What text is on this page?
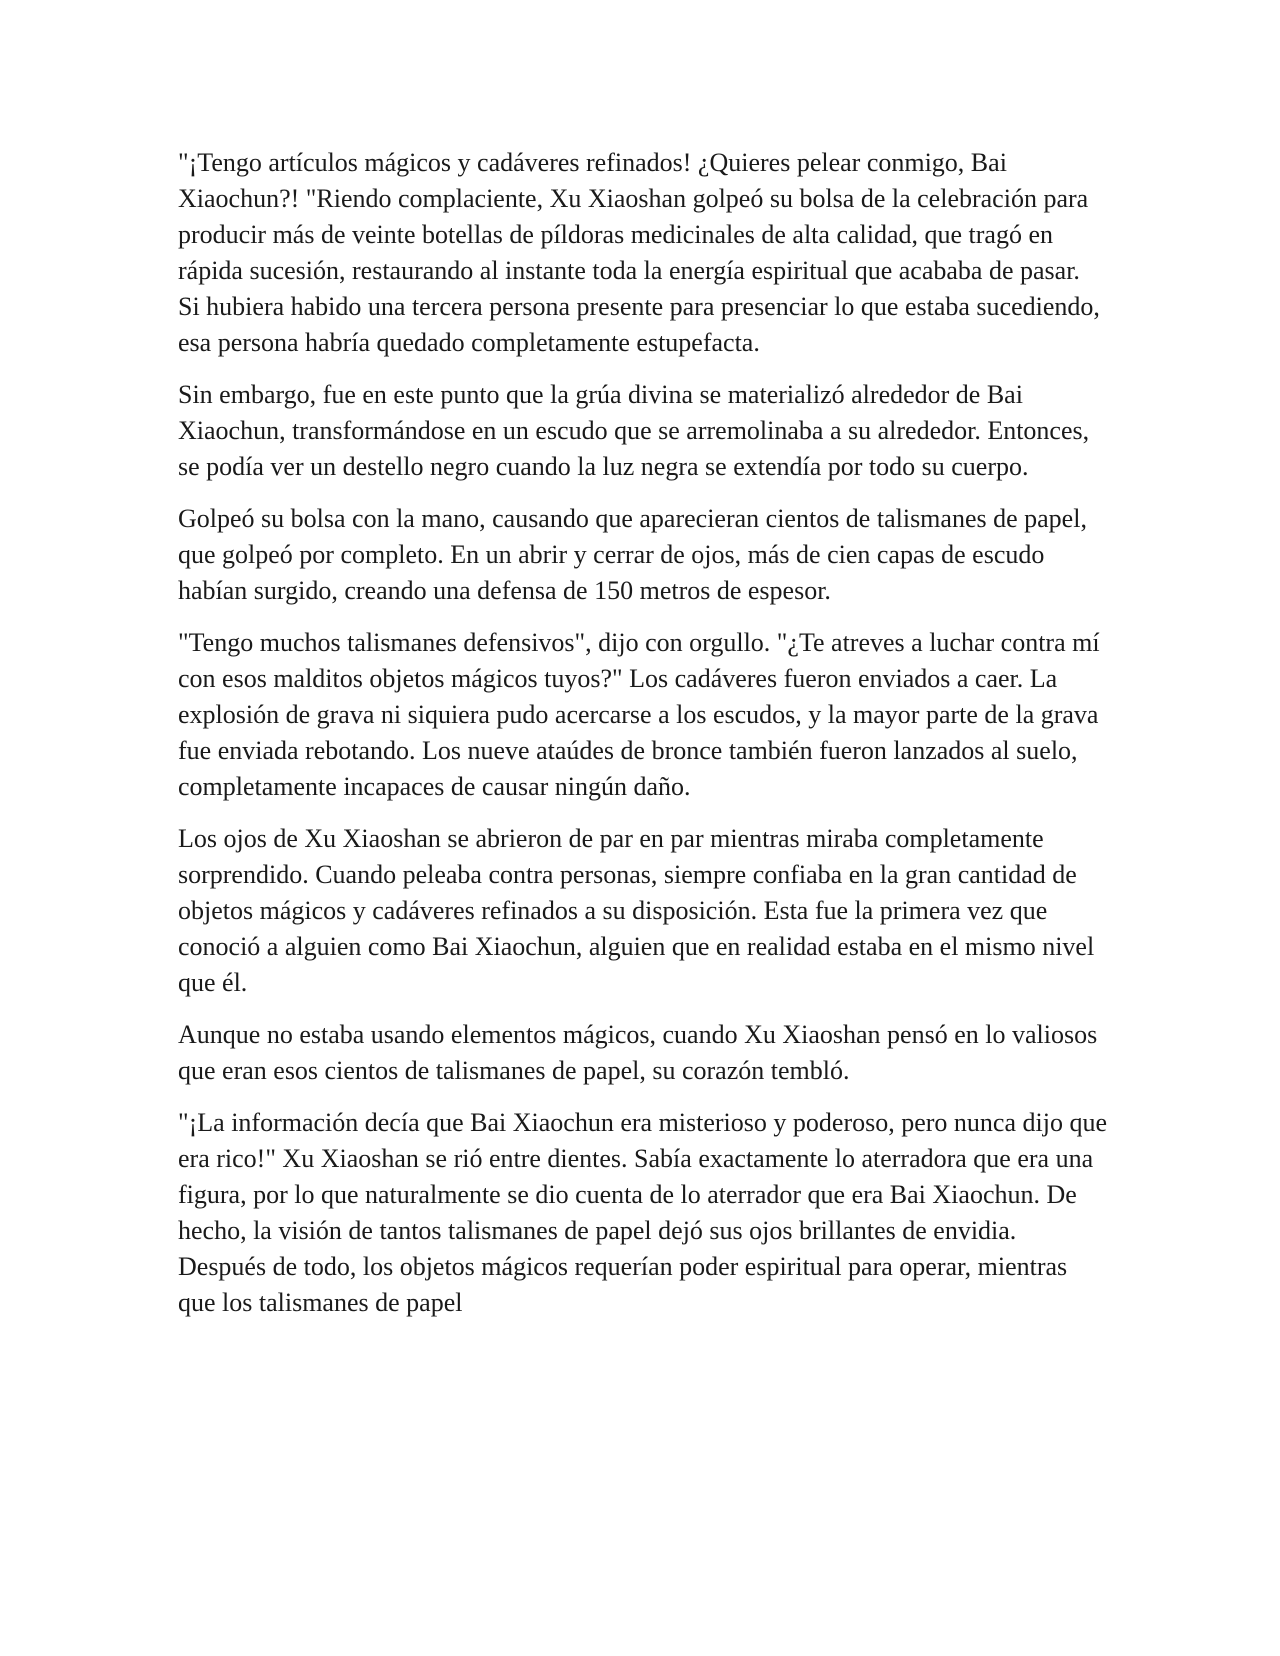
"¡Tengo artículos mágicos y cadáveres refinados! ¿Quieres pelear conmigo, Bai Xiaochun?! "Riendo complaciente, Xu Xiaoshan golpeó su bolsa de la celebración para producir más de veinte botellas de píldoras medicinales de alta calidad, que tragó en rápida sucesión, restaurando al instante toda la energía espiritual que acababa de pasar. Si hubiera habido una tercera persona presente para presenciar lo que estaba sucediendo, esa persona habría quedado completamente estupefacta.

Sin embargo, fue en este punto que la grúa divina se materializó alrededor de Bai Xiaochun, transformándose en un escudo que se arremolinaba a su alrededor. Entonces, se podía ver un destello negro cuando la luz negra se extendía por todo su cuerpo.

Golpeó su bolsa con la mano, causando que aparecieran cientos de talismanes de papel, que golpeó por completo. En un abrir y cerrar de ojos, más de cien capas de escudo habían surgido, creando una defensa de 150 metros de espesor.

"Tengo muchos talismanes defensivos", dijo con orgullo. "¿Te atreves a luchar contra mí con esos malditos objetos mágicos tuyos?" Los cadáveres fueron enviados a caer. La explosión de grava ni siquiera pudo acercarse a los escudos, y la mayor parte de la grava fue enviada rebotando. Los nueve ataúdes de bronce también fueron lanzados al suelo, completamente incapaces de causar ningún daño.

Los ojos de Xu Xiaoshan se abrieron de par en par mientras miraba completamente sorprendido. Cuando peleaba contra personas, siempre confiaba en la gran cantidad de objetos mágicos y cadáveres refinados a su disposición. Esta fue la primera vez que conoció a alguien como Bai Xiaochun, alguien que en realidad estaba en el mismo nivel que él.

Aunque no estaba usando elementos mágicos, cuando Xu Xiaoshan pensó en lo valiosos que eran esos cientos de talismanes de papel, su corazón tembló.

"¡La información decía que Bai Xiaochun era misterioso y poderoso, pero nunca dijo que era rico!" Xu Xiaoshan se rió entre dientes. Sabía exactamente lo aterradora que era una figura, por lo que naturalmente se dio cuenta de lo aterrador que era Bai Xiaochun. De hecho, la visión de tantos talismanes de papel dejó sus ojos brillantes de envidia. Después de todo, los objetos mágicos requerían poder espiritual para operar, mientras que los talismanes de papel
